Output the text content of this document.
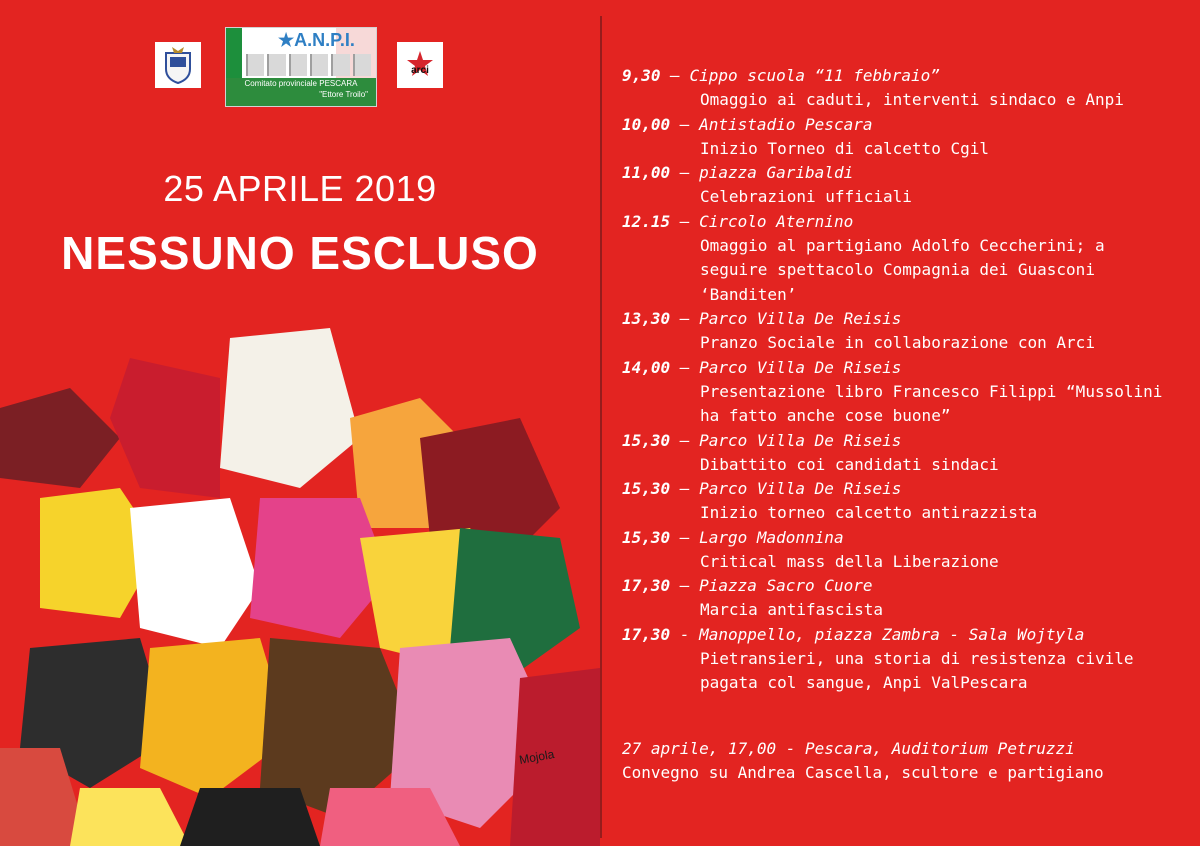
★A.N.P.I.
Comitato provinciale PESCARA
"Ettore Troilo"
arci
25 APRILE 2019
NESSUNO ESCLUSO
Mojola
9,30 – Cippo scuola “11 febbraio”
Omaggio ai caduti, interventi sindaco e Anpi
10,00 – Antistadio Pescara
Inizio Torneo di calcetto Cgil
11,00 – piazza Garibaldi
Celebrazioni ufficiali
12.15 – Circolo Aternino
Omaggio al partigiano Adolfo Ceccherini; a
seguire spettacolo Compagnia dei Guasconi
‘Banditen’
13,30 – Parco Villa De Reisis
Pranzo Sociale in collaborazione con Arci
14,00 – Parco Villa De Riseis
Presentazione libro Francesco Filippi “Mussolini
ha fatto anche cose buone”
15,30 – Parco Villa De Riseis
Dibattito coi candidati sindaci
15,30 – Parco Villa De Riseis
Inizio torneo calcetto antirazzista
15,30 – Largo Madonnina
Critical mass della Liberazione
17,30 – Piazza Sacro Cuore
Marcia antifascista
17,30 - Manoppello, piazza Zambra - Sala Wojtyla
Pietransieri, una storia di resistenza civile
pagata col sangue, Anpi ValPescara
27 aprile, 17,00 - Pescara, Auditorium Petruzzi
Convegno su Andrea Cascella, scultore e partigiano
